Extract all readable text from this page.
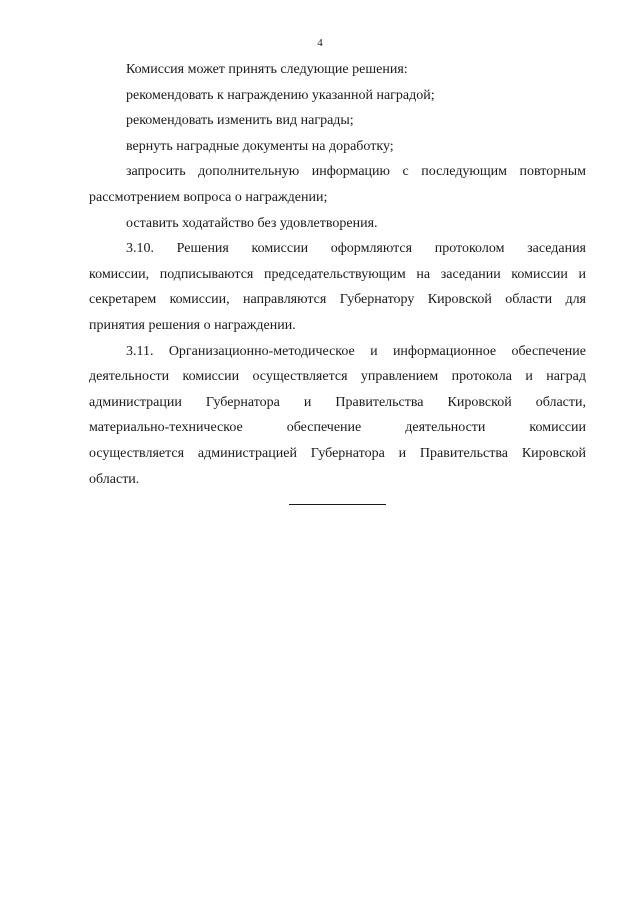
4
Комиссия может принять следующие решения:
рекомендовать к награждению указанной наградой;
рекомендовать изменить вид награды;
вернуть наградные документы на доработку;
запросить дополнительную информацию с последующим повторным
рассмотрением вопроса о награждении;
оставить ходатайство без удовлетворения.
3.10. Решения комиссии оформляются протоколом заседания
комиссии, подписываются председательствующим на заседании комиссии и
секретарем комиссии, направляются Губернатору Кировской области для
принятия решения о награждении.
3.11. Организационно-методическое и информационное обеспечение
деятельности комиссии осуществляется управлением протокола и наград
администрации Губернатора и Правительства Кировской области,
материально-техническое обеспечение деятельности комиссии
осуществляется администрацией Губернатора и Правительства Кировской
области.
